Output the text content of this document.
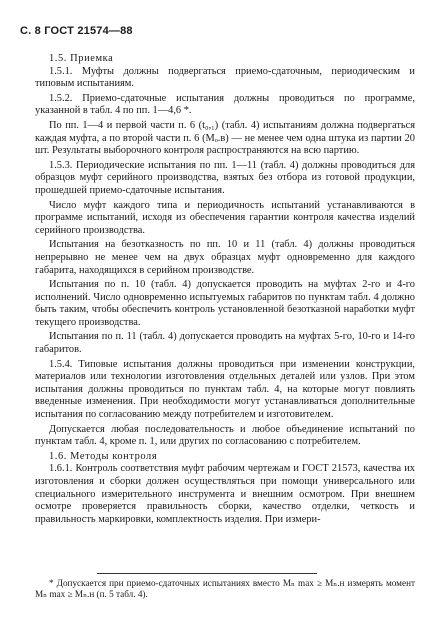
С. 8 ГОСТ 21574—88

1.5. Приемка

1.5.1. Муфты должны подвергаться приемо-сдаточным, периодическим и типовым испытаниям.

1.5.2. Приемо-сдаточные испытания должны проводиться по программе, указанной в табл. 4 по пп. 1—4,6 *.

По пп. 1—4 и первой части п. 6 (t₀,₁) (табл. 4) испытаниям должна подвергаться каждая муфта, а по второй части п. 6 (Mₒ.в) — не менее чем одна штука из партии 20 шт. Результаты выборочного контроля распространяются на всю партию.

1.5.3. Периодические испытания по пп. 1—11 (табл. 4) должны проводиться для образцов муфт серийного производства, взятых без отбора из готовой продукции, прошедшей приемо-сдаточные испытания.

Число муфт каждого типа и периодичность испытаний устанавливаются в программе испытаний, исходя из обеспечения гарантии контроля качества изделий серийного производства.

Испытания на безотказность по пп. 10 и 11 (табл. 4) должны проводиться непрерывно не менее чем на двух образцах муфт одновременно для каждого габарита, находящихся в серийном производстве.

Испытания по п. 10 (табл. 4) допускается проводить на муфтах 2-го и 4-го исполнений. Число одновременно испытуемых габаритов по пунктам табл. 4 должно быть таким, чтобы обеспечить контроль установленной безотказной наработки муфт текущего производства.

Испытания по п. 11 (табл. 4) допускается проводить на муфтах 5-го, 10-го и 14-го габаритов.

1.5.4. Типовые испытания должны проводиться при изменении конструкции, материалов или технологии изготовления отдельных деталей или узлов. При этом испытания должны проводиться по пунктам табл. 4, на которые могут повлиять введенные изменения. При необходимости могут устанавливаться дополнительные испытания по согласованию между потребителем и изготовителем.

Допускается любая последовательность и любое объединение испытаний по пунктам табл. 4, кроме п. 1, или других по согласованию с потребителем.

1.6. Методы контроля

1.6.1. Контроль соответствия муфт рабочим чертежам и ГОСТ 21573, качества их изготовления и сборки должен осуществляться при помощи универсального или специального измерительного инструмента и внешним осмотром. При внешнем осмотре проверяется правильность сборки, качество отделки, четкость и правильность маркировки, комплектность изделия. При измери-

* Допускается при приемо-сдаточных испытаниях вместо Mₙ max ≥ Mₙ.н измерять момент Mₙ max ≥ Mₙ.н (п. 5 табл. 4).
